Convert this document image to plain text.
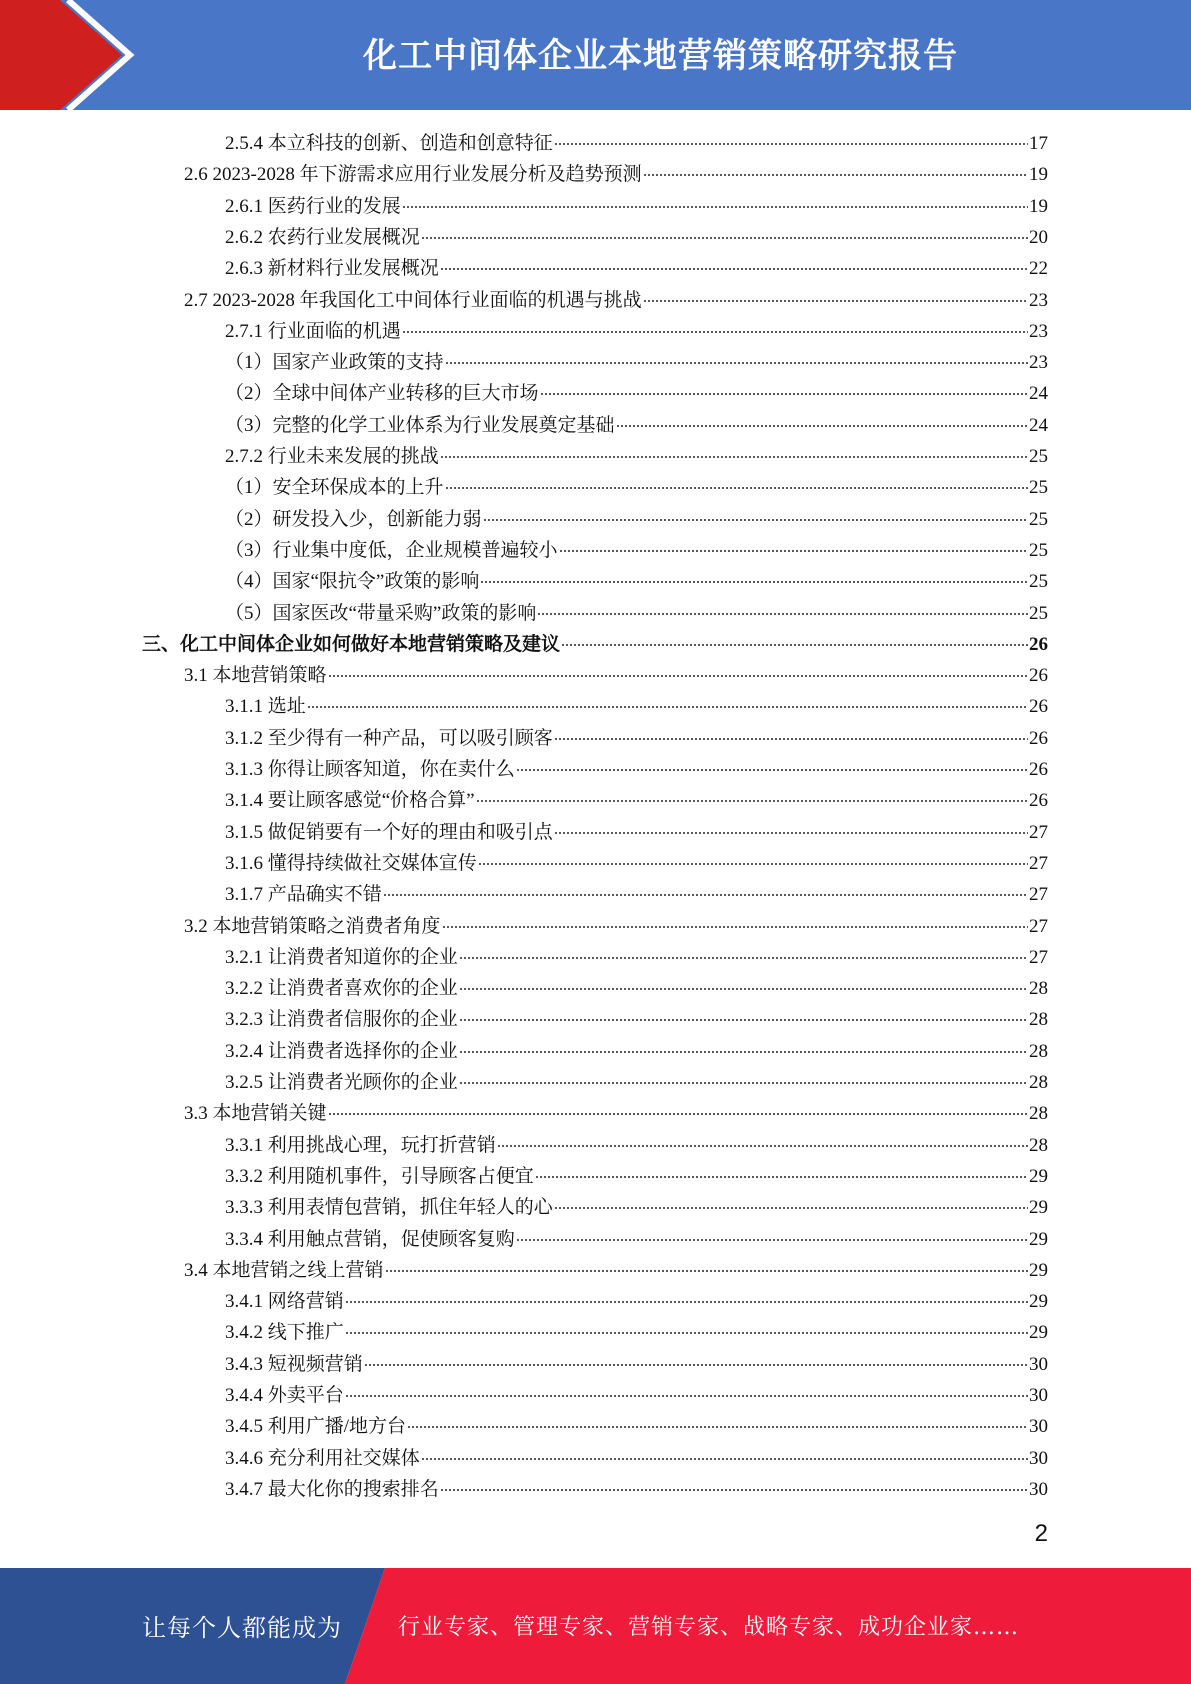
化工中间体企业本地营销策略研究报告
2.5.4 本立科技的创新、创造和创意特征	17
2.6 2023-2028 年下游需求应用行业发展分析及趋势预测	19
2.6.1 医药行业的发展	19
2.6.2 农药行业发展概况	20
2.6.3 新材料行业发展概况	22
2.7 2023-2028 年我国化工中间体行业面临的机遇与挑战	23
2.7.1 行业面临的机遇	23
（1）国家产业政策的支持	23
（2）全球中间体产业转移的巨大市场	24
（3）完整的化学工业体系为行业发展奠定基础	24
2.7.2 行业未来发展的挑战	25
（1）安全环保成本的上升	25
（2）研发投入少，创新能力弱	25
（3）行业集中度低，企业规模普遍较小	25
（4）国家“限抗令”政策的影响	25
（5）国家医改“带量采购”政策的影响	25
三、化工中间体企业如何做好本地营销策略及建议	26
3.1 本地营销策略	26
3.1.1 选址	26
3.1.2 至少得有一种产品，可以吸引顾客	26
3.1.3 你得让顾客知道，你在卖什么	26
3.1.4 要让顾客感觉“价格合算”	26
3.1.5 做促销要有一个好的理由和吸引点	27
3.1.6 懂得持续做社交媒体宣传	27
3.1.7 产品确实不错	27
3.2 本地营销策略之消费者角度	27
3.2.1 让消费者知道你的企业	27
3.2.2 让消费者喜欢你的企业	28
3.2.3 让消费者信服你的企业	28
3.2.4 让消费者选择你的企业	28
3.2.5 让消费者光顾你的企业	28
3.3 本地营销关键	28
3.3.1 利用挑战心理，玩打折营销	28
3.3.2 利用随机事件，引导顾客占便宜	29
3.3.3 利用表情包营销，抓住年轻人的心	29
3.3.4 利用触点营销，促使顾客复购	29
3.4 本地营销之线上营销	29
3.4.1 网络营销	29
3.4.2 线下推广	29
3.4.3 短视频营销	30
3.4.4 外卖平台	30
3.4.5 利用广播/地方台	30
3.4.6 充分利用社交媒体	30
3.4.7 最大化你的搜索排名	30
2
让每个人都能成为	行业专家、管理专家、营销专家、战略专家、成功企业家……
